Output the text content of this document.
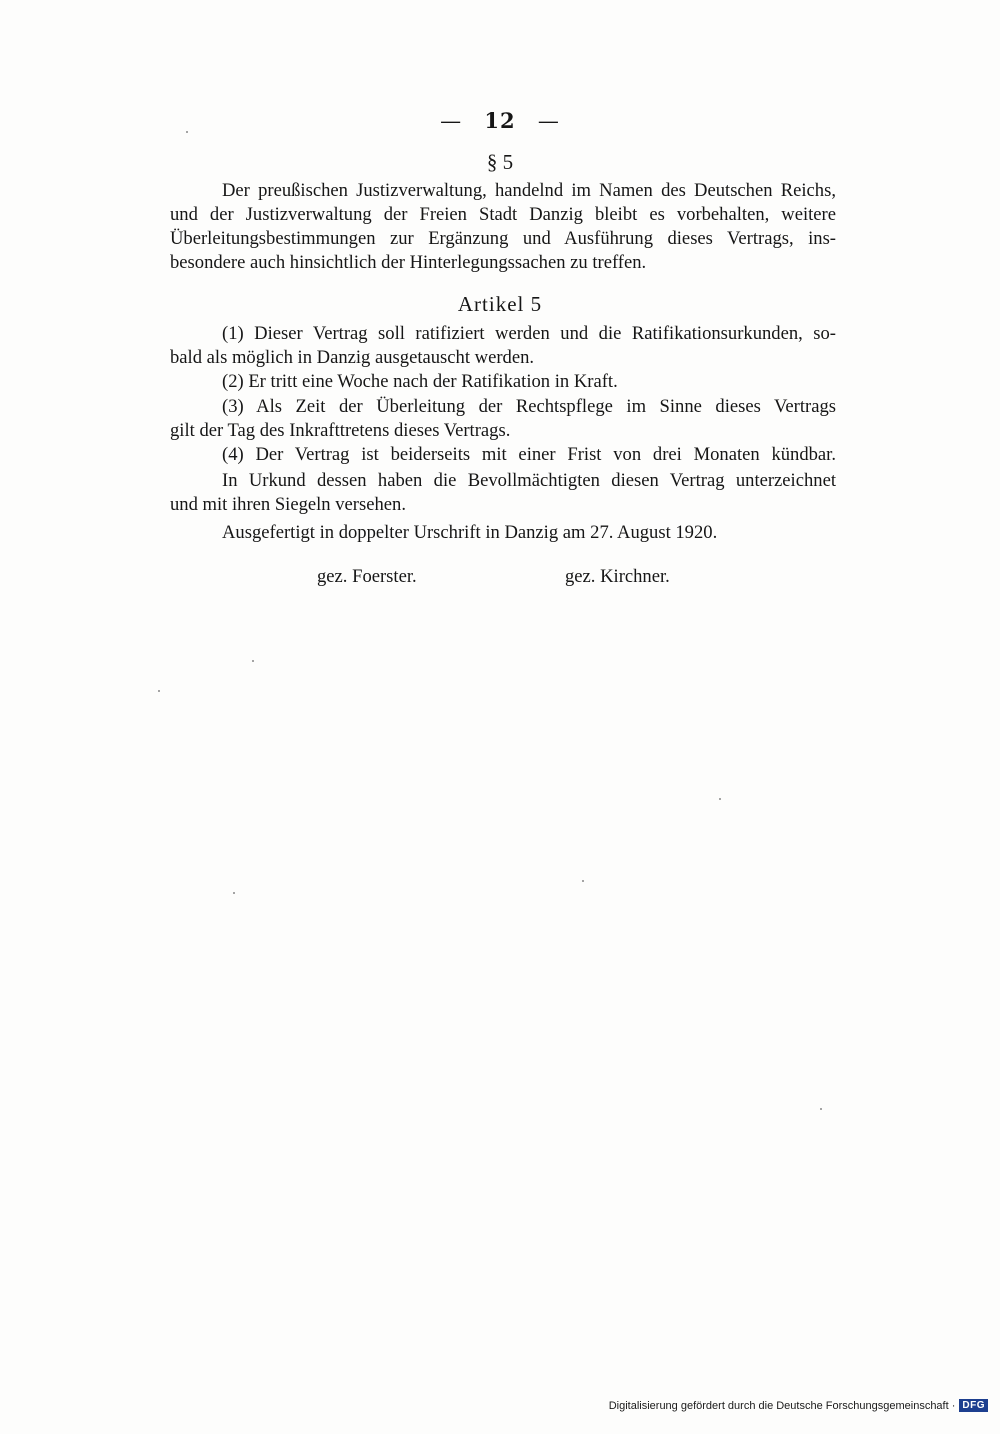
— 12 —
§ 5
Der preußischen Justizverwaltung, handelnd im Namen des Deutschen Reichs,
und der Justizverwaltung der Freien Stadt Danzig bleibt es vorbehalten, weitere
Überleitungsbestimmungen zur Ergänzung und Ausführung dieses Vertrags, ins-
besondere auch hinsichtlich der Hinterlegungssachen zu treffen.
Artikel 5
(1) Dieser Vertrag soll ratifiziert werden und die Ratifikationsurkunden, so-
bald als möglich in Danzig ausgetauscht werden.
(2) Er tritt eine Woche nach der Ratifikation in Kraft.
(3) Als Zeit der Überleitung der Rechtspflege im Sinne dieses Vertrags
gilt der Tag des Inkrafttretens dieses Vertrags.
(4) Der Vertrag ist beiderseits mit einer Frist von drei Monaten kündbar.
In Urkund dessen haben die Bevollmächtigten diesen Vertrag unterzeichnet
und mit ihren Siegeln versehen.
Ausgefertigt in doppelter Urschrift in Danzig am 27. August 1920.
gez. Foerster.	gez. Kirchner.
Digitalisierung gefördert durch die Deutsche Forschungsgemeinschaft · DFG
